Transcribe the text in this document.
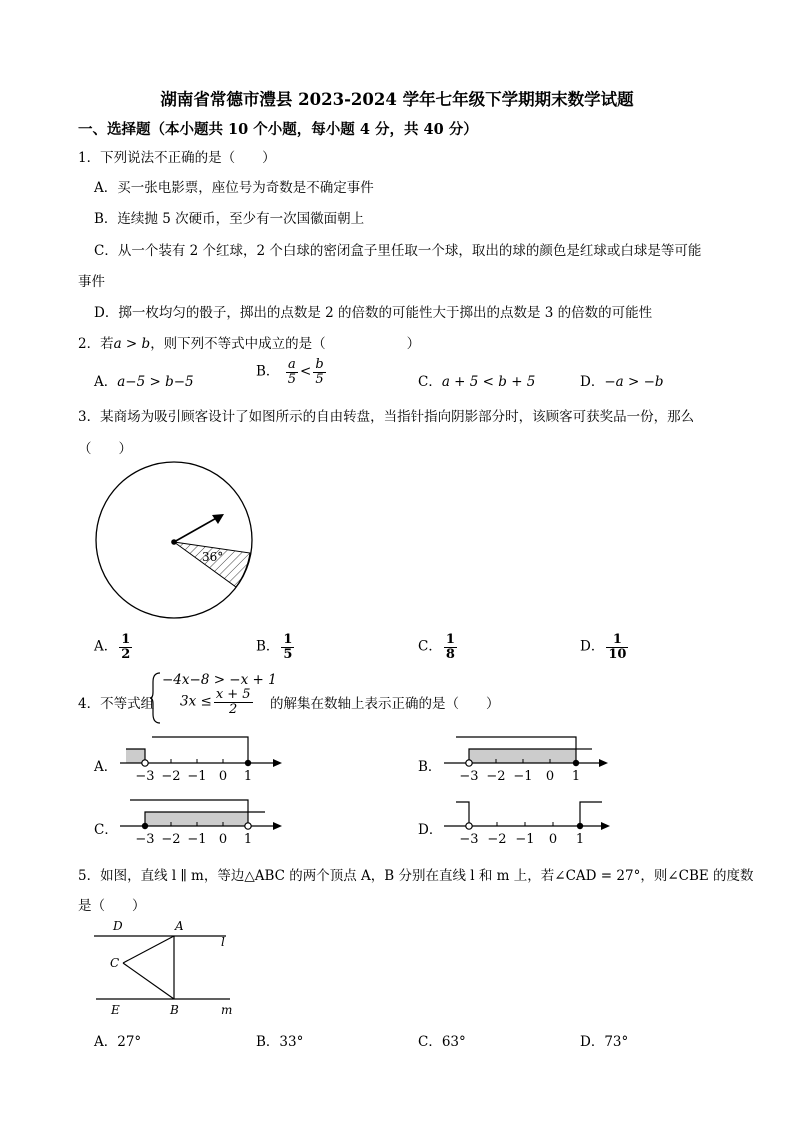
湖南省常德市澧县 2023-2024 学年七年级下学期期末数学试题
一、选择题（本小题共 10 个小题，每小题 4 分，共 40 分）
1．下列说法不正确的是（　　）
A．买一张电影票，座位号为奇数是不确定事件
B．连续抛 5 次硬币，至少有一次国徽面朝上
C．从一个装有 2 个红球，2 个白球的密闭盒子里任取一个球，取出的球的颜色是红球或白球是等可能
事件
D．掷一枚均匀的骰子，掷出的点数是 2 的倍数的可能性大于掷出的点数是 3 的倍数的可能性
2．若a > b，则下列不等式中成立的是（　　　　　　）
A．a−5 > b−5
B． $\frac{a}{5} < \frac{b}{5}$	C．a + 5 < b + 5	D．−a > −b
3．某商场为吸引顾客设计了如图所示的自由转盘，当指针指向阴影部分时，该顾客可获奖品一份，那么
（　　）
36°
A． $\frac{1}{2}$	B． $\frac{1}{5}$	C． $\frac{1}{8}$	D． $\frac{1}{10}$
4．不等式组
−4x−8 > −x + 1
$3x \le \frac{x + 5}{2}$ 的解集在数轴上表示正确的是（　　）
A．
−3 −2 −1 0 1
B．
−3 −2 −1 0 1
C．
−3 −2 −1 0 1
D．
−3 −2 −1 0 1
5．如图，直线 l ∥ m，等边△ABC 的两个顶点 A，B 分别在直线 l 和 m 上，若∠CAD = 27°，则∠CBE 的度数
是（　　）
D	A
l
C
E	B	m
A．27°	B．33°	C．63°	D．73°
